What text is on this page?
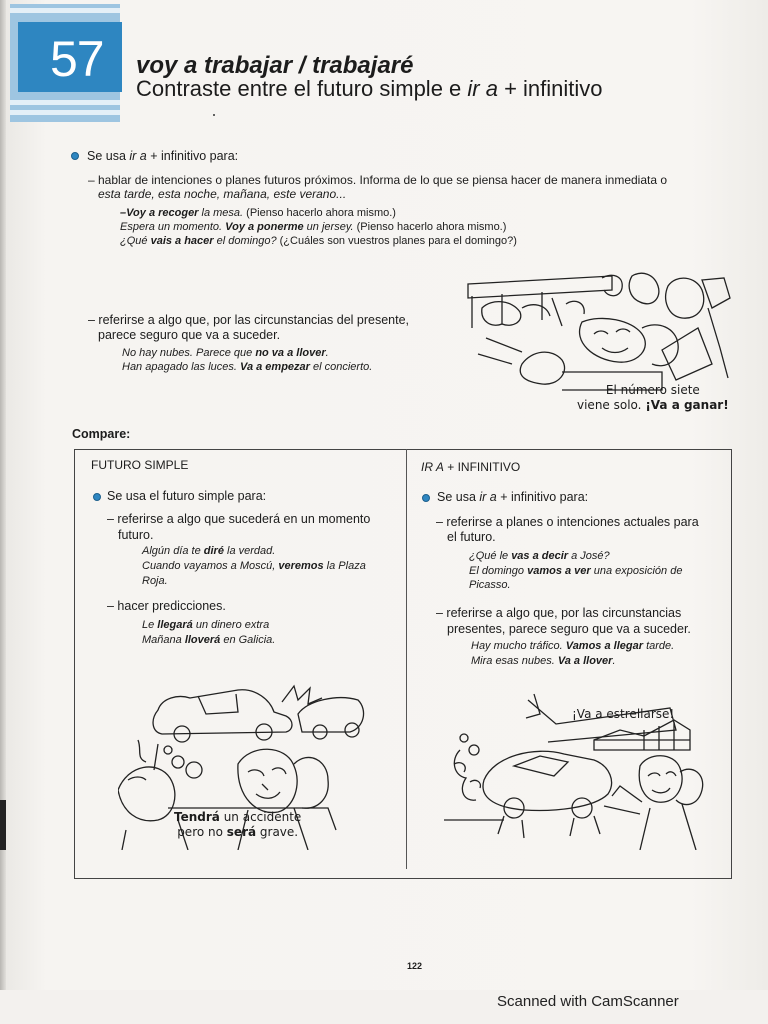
57 voy a trabajar / trabajaré
Contraste entre el futuro simple e ir a + infinitivo
Se usa ir a + infinitivo para:
– hablar de intenciones o planes futuros próximos. Informa de lo que se piensa hacer de manera inmediata o
esta tarde, esta noche, mañana, este verano...
–Voy a recoger la mesa. (Pienso hacerlo ahora mismo.)
Espera un momento. Voy a ponerme un jersey. (Pienso hacerlo ahora mismo.)
¿Qué vais a hacer el domingo? (¿Cuáles son vuestros planes para el domingo?)
– referirse a algo que, por las circunstancias del presente,
parece seguro que va a suceder.
No hay nubes. Parece que no va a llover.
Han apagado las luces. Va a empezar el concierto.
El número siete
viene solo. ¡Va a ganar!
Compare:
FUTURO SIMPLE
Se usa el futuro simple para:
– referirse a algo que sucederá en un momento
futuro.
Algún día te diré la verdad.
Cuando vayamos a Moscú, veremos la Plaza
Roja.
– hacer predicciones.
Le llegará un dinero extra
Mañana lloverá en Galicia.
Tendrá un accidente
pero no será grave.
IR A + INFINITIVO
Se usa ir a + infinitivo para:
– referirse a planes o intenciones actuales para
el futuro.
¿Qué le vas a decir a José?
El domingo vamos a ver una exposición de
Picasso.
– referirse a algo que, por las circunstancias
presentes, parece seguro que va a suceder.
Hay mucho tráfico. Vamos a llegar tarde.
Mira esas nubes. Va a llover.
¡Va a estrellarse!
122
Scanned with CamScanner
